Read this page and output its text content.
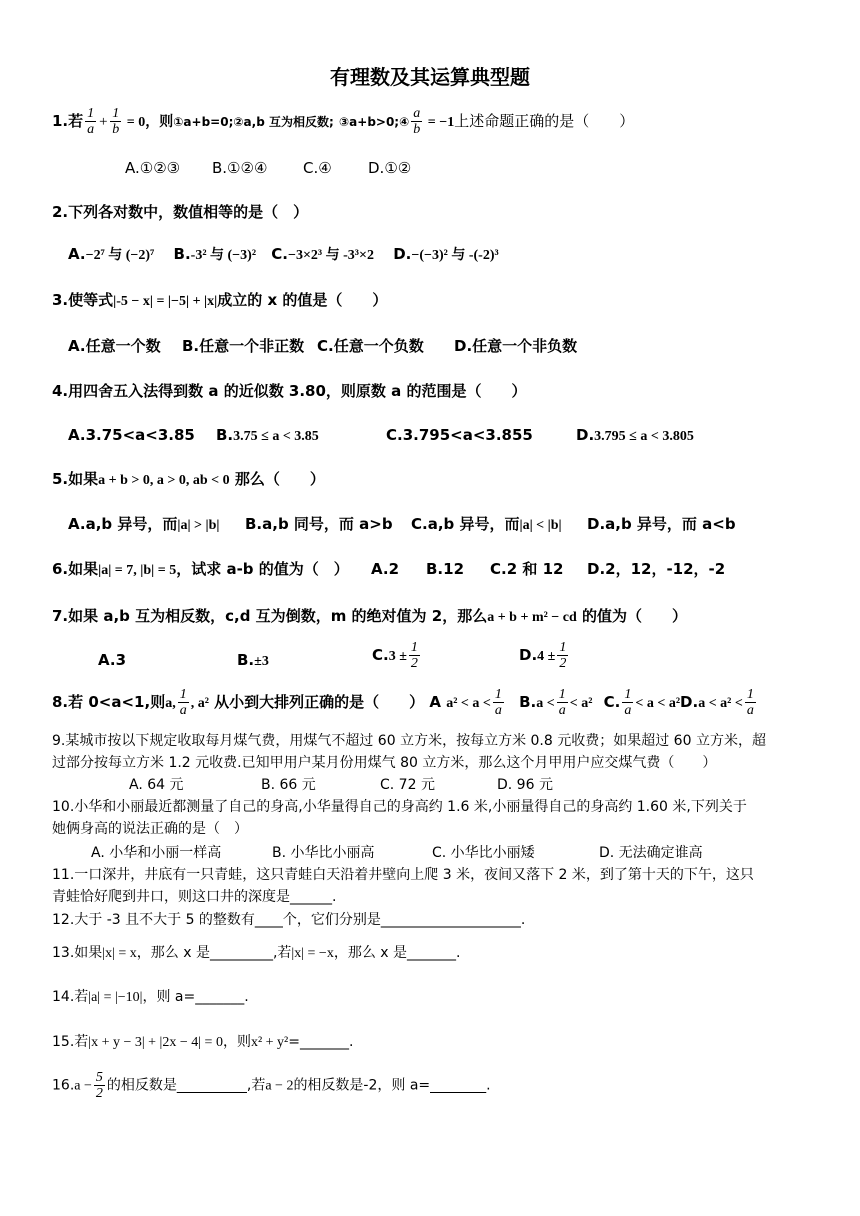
有理数及其运算典型题
1.若 $\frac{1}{a} + \frac{1}{b} = 0$，则①a+b=0;②a,b 互为相反数; ③a+b>0;④ $\frac{a}{b} = -1$上述命题正确的是（　　）
A.①②③ B.①②④ C.④ D.①②
2.下列各对数中，数值相等的是（　）
A.−2⁷ 与 (−2)⁷ B.-3² 与 (−3)² C.−3×2³ 与 -3³×2 D.−(−3)² 与 -(-2)³
3.使等式|-5 − x| = |−5| + |x|成立的 x 的值是（　　）
A.任意一个数 B.任意一个非正数 C.任意一个负数 D.任意一个非负数
4.用四舍五入法得到数 a 的近似数 3.80，则原数 a 的范围是（　　）
A.3.75<a<3.85 B.3.75 ≤ a < 3.85	C.3.795<a<3.855	D.3.795 ≤ a < 3.805
5.如果a + b > 0, a > 0, ab < 0 那么（　　）
A.a,b 异号，而|a| > |b| B.a,b 同号，而 a>b C.a,b 异号，而|a| < |b| D.a,b 异号，而 a<b
6.如果|a| = 7, |b| = 5，试求 a-b 的值为（　） A.2 B.12 C.2 和 12 D.2，12，-12，-2
7.如果 a,b 互为相反数，c,d 互为倒数，m 的绝对值为 2，那么a + b + m² − cd 的值为（　　）
A.3	B.±3	$C.3 \pm \frac{1}{2}$	$D.4 \pm \frac{1}{2}$
8.若 0<a<1,则a, $\frac{1}{a}$ , a² 从小到大排列正确的是（　　） A $a^2 < a < \frac{1}{a} B.a < \frac{1}{a} < a^2$ C. $\frac{1}{a} < a < a^2D.a < a^2 < \frac{1}{a}$
9.某城市按以下规定收取每月煤气费，用煤气不超过 60 立方米，按每立方米 0.8 元收费；如果超过 60 立方米，超
过部分按每立方米 1.2 元收费.已知甲用户某月份用煤气 80 立方米，那么这个月甲用户应交煤气费（　　）
A. 64 元	B. 66 元	C. 72 元	D. 96 元
10.小华和小丽最近都测量了自己的身高,小华量得自己的身高约 1.6 米,小丽量得自己的身高约 1.60 米,下列关于
她俩身高的说法正确的是（　）
A. 小华和小丽一样高	B. 小华比小丽高	C. 小华比小丽矮	D. 无法确定谁高
11.一口深井，井底有一只青蛙，这只青蛙白天沿着井壁向上爬 3 米，夜间又落下 2 米，到了第十天的下午，这只
青蛙恰好爬到井口，则这口井的深度是______.
12.大于 -3 且不大于 5 的整数有____个，它们分别是____________________.
13.如果|x| = x，那么 x 是_________,若|x| = −x，那么 x 是_______.
14.若|a| = |−10|，则 a=_______.
15.若|x + y − 3| + |2x − 4| = 0，则x² + y²=_______.
$16.a - \frac{5}{2}$ 的相反数是__________,若a − 2的相反数是-2，则 a=________.
